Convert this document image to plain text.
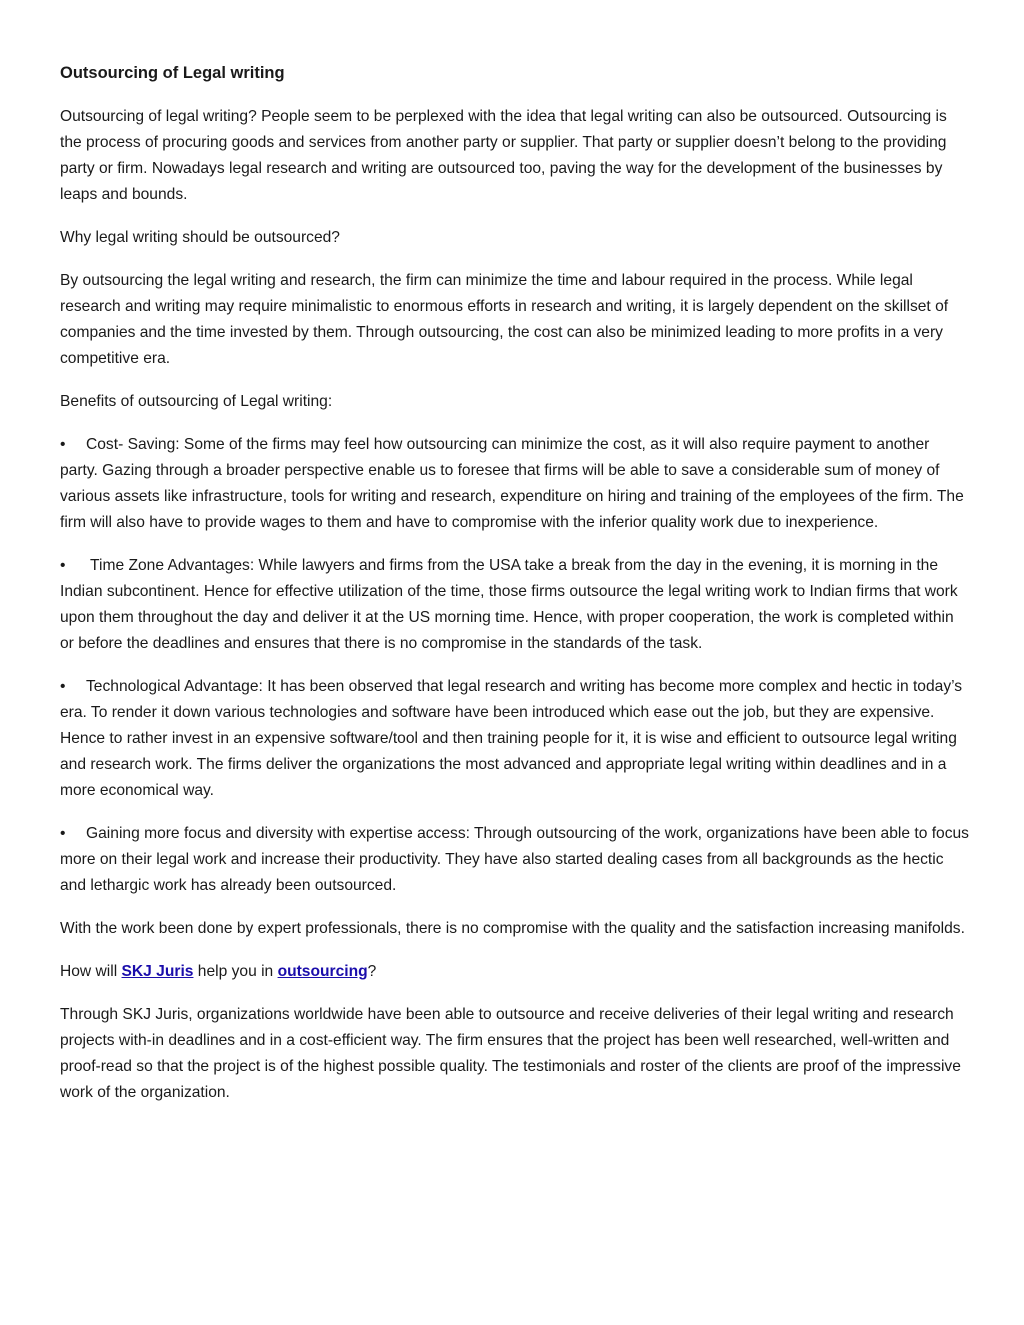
Outsourcing of Legal writing

Outsourcing of legal writing? People seem to be perplexed with the idea that legal writing can also be outsourced. Outsourcing is the process of procuring goods and services from another party or supplier. That party or supplier doesn’t belong to the providing party or firm. Nowadays legal research and writing are outsourced too, paving the way for the development of the businesses by leaps and bounds.

Why legal writing should be outsourced?

By outsourcing the legal writing and research, the firm can minimize the time and labour required in the process. While legal research and writing may require minimalistic to enormous efforts in research and writing, it is largely dependent on the skillset of companies and the time invested by them. Through outsourcing, the cost can also be minimized leading to more profits in a very competitive era.

Benefits of outsourcing of Legal writing:

• Cost- Saving: Some of the firms may feel how outsourcing can minimize the cost, as it will also require payment to another party. Gazing through a broader perspective enable us to foresee that firms will be able to save a considerable sum of money of various assets like infrastructure, tools for writing and research, expenditure on hiring and training of the employees of the firm. The firm will also have to provide wages to them and have to compromise with the inferior quality work due to inexperience.

• Time Zone Advantages: While lawyers and firms from the USA take a break from the day in the evening, it is morning in the Indian subcontinent. Hence for effective utilization of the time, those firms outsource the legal writing work to Indian firms that work upon them throughout the day and deliver it at the US morning time. Hence, with proper cooperation, the work is completed within or before the deadlines and ensures that there is no compromise in the standards of the task.

• Technological Advantage: It has been observed that legal research and writing has become more complex and hectic in today’s era. To render it down various technologies and software have been introduced which ease out the job, but they are expensive. Hence to rather invest in an expensive software/tool and then training people for it, it is wise and efficient to outsource legal writing and research work. The firms deliver the organizations the most advanced and appropriate legal writing within deadlines and in a more economical way.

• Gaining more focus and diversity with expertise access: Through outsourcing of the work, organizations have been able to focus more on their legal work and increase their productivity. They have also started dealing cases from all backgrounds as the hectic and lethargic work has already been outsourced.

With the work been done by expert professionals, there is no compromise with the quality and the satisfaction increasing manifolds.

How will SKJ Juris help you in outsourcing?

Through SKJ Juris, organizations worldwide have been able to outsource and receive deliveries of their legal writing and research projects with-in deadlines and in a cost-efficient way. The firm ensures that the project has been well researched, well-written and proof-read so that the project is of the highest possible quality. The testimonials and roster of the clients are proof of the impressive work of the organization.
